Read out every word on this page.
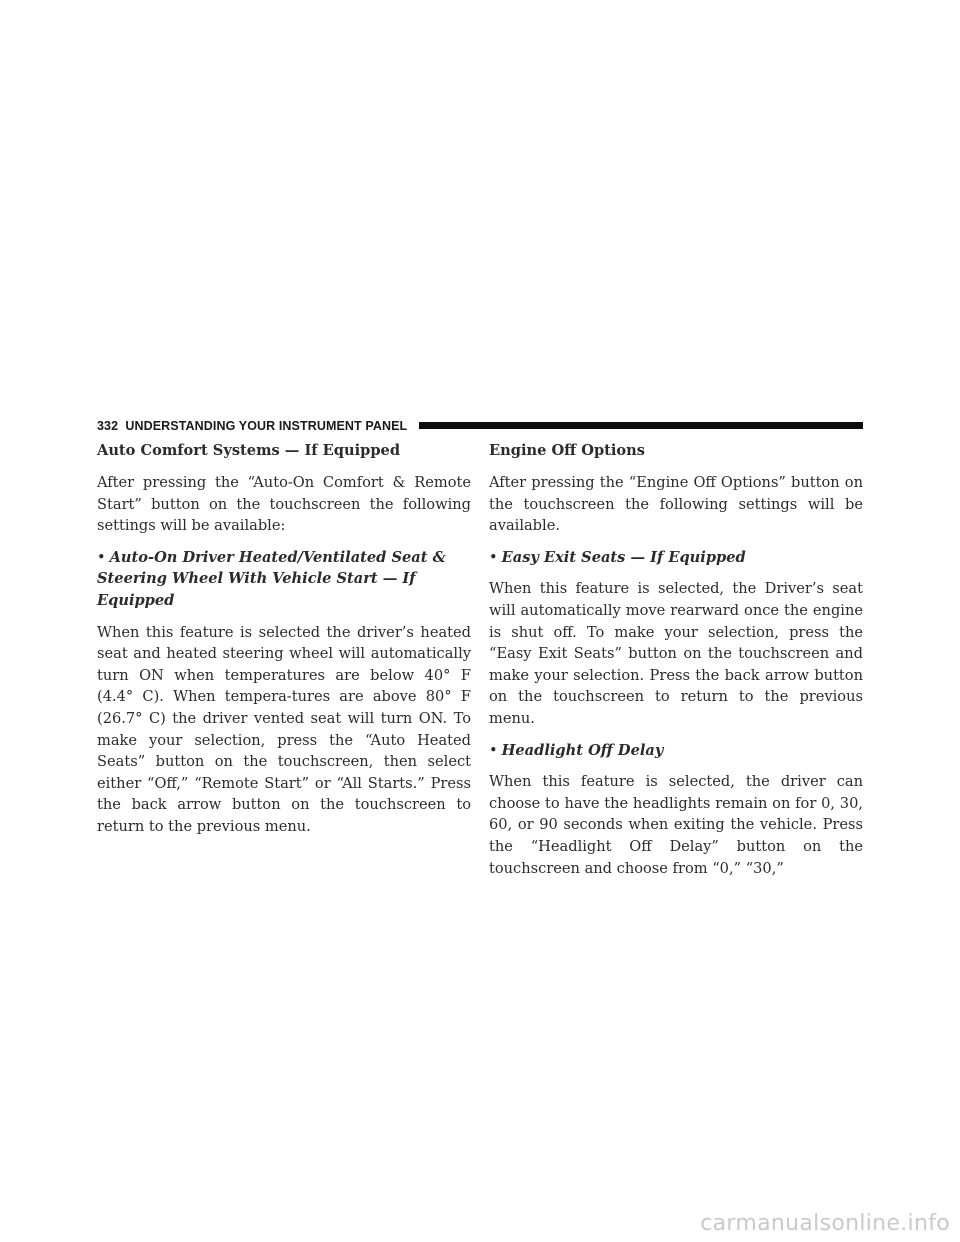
332 UNDERSTANDING YOUR INSTRUMENT PANEL
Auto Comfort Systems — If Equipped

After pressing the “Auto-On Comfort & Remote Start” button on the touchscreen the following settings will be available:

• Auto-On Driver Heated/Ventilated Seat & Steering Wheel With Vehicle Start — If Equipped

When this feature is selected the driver’s heated seat and heated steering wheel will automatically turn ON when temperatures are below 40° F (4.4° C). When tempera-tures are above 80° F (26.7° C) the driver vented seat will turn ON. To make your selection, press the “Auto Heated Seats” button on the touchscreen, then select either “Off,” “Remote Start” or “All Starts.” Press the back arrow button on the touchscreen to return to the previous menu.

Engine Off Options

After pressing the “Engine Off Options” button on the touchscreen the following settings will be available.

• Easy Exit Seats — If Equipped

When this feature is selected, the Driver’s seat will automatically move rearward once the engine is shut off. To make your selection, press the “Easy Exit Seats” button on the touchscreen and make your selection. Press the back arrow button on the touchscreen to return to the previous menu.

• Headlight Off Delay

When this feature is selected, the driver can choose to have the headlights remain on for 0, 30, 60, or 90 seconds when exiting the vehicle. Press the “Headlight Off Delay” button on the touchscreen and choose from “0,” “30,”

carmanualsonline.info
